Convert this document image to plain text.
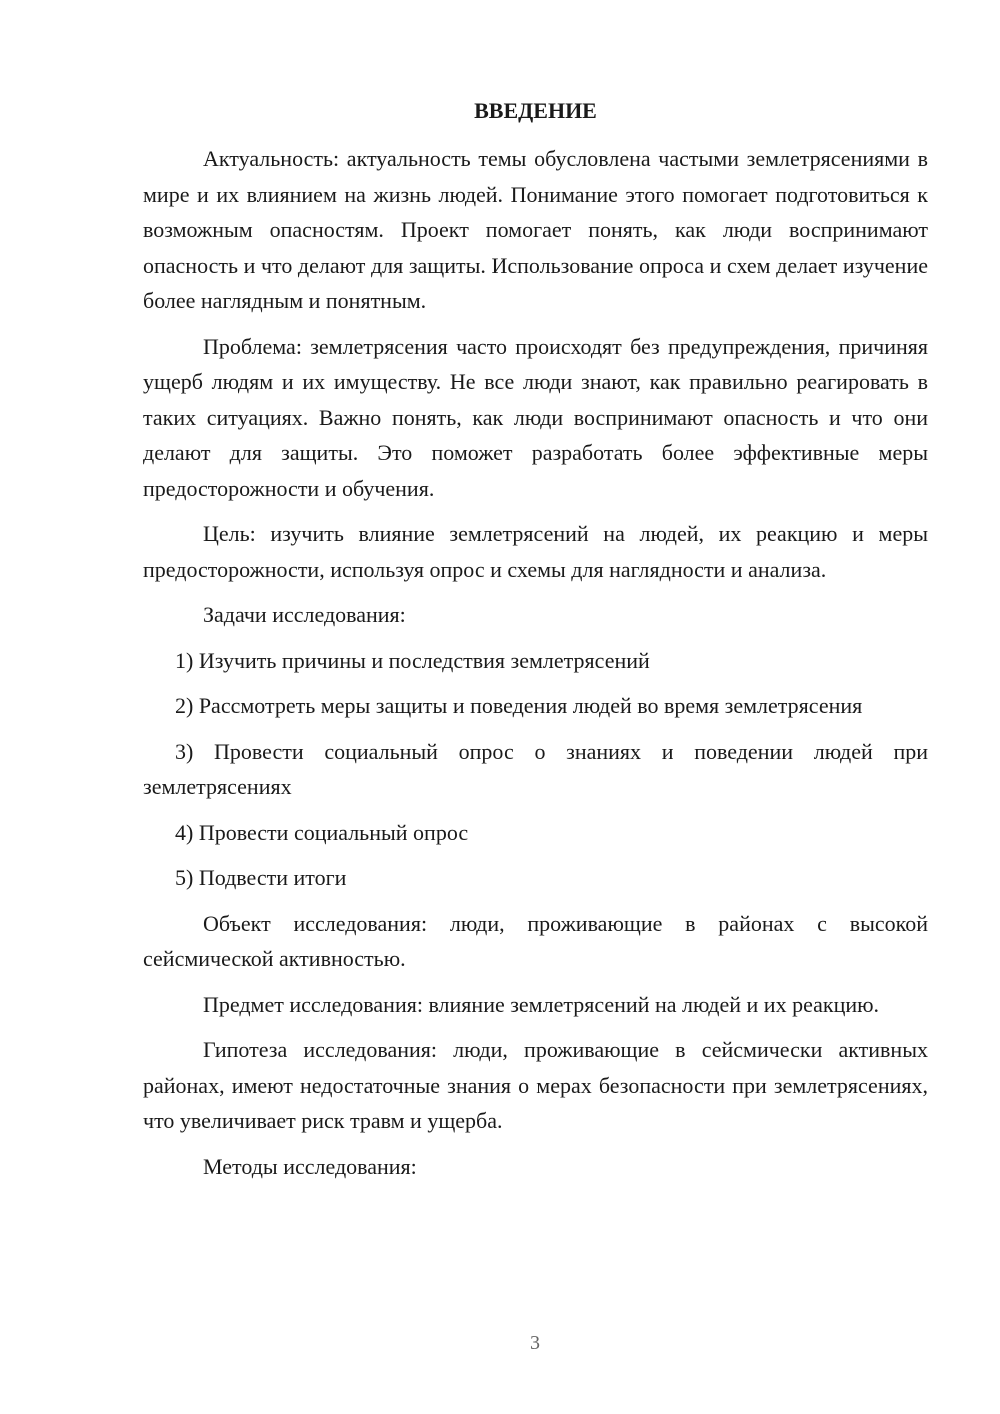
ВВЕДЕНИЕ

Актуальность: актуальность темы обусловлена частыми землетрясениями в мире и их влиянием на жизнь людей. Понимание этого помогает подготовиться к возможным опасностям. Проект помогает понять, как люди воспринимают опасность и что делают для защиты. Использование опроса и схем делает изучение более наглядным и понятным.

Проблема: землетрясения часто происходят без предупреждения, причиняя ущерб людям и их имуществу. Не все люди знают, как правильно реагировать в таких ситуациях. Важно понять, как люди воспринимают опасность и что они делают для защиты. Это поможет разработать более эффективные меры предосторожности и обучения.

Цель: изучить влияние землетрясений на людей, их реакцию и меры предосторожности, используя опрос и схемы для наглядности и анализа.

Задачи исследования:

1) Изучить причины и последствия землетрясений

2) Рассмотреть меры защиты и поведения людей во время землетрясения

3) Провести социальный опрос о знаниях и поведении людей при землетрясениях

4) Провести социальный опрос

5) Подвести итоги

Объект исследования: люди, проживающие в районах с высокой сейсмической активностью.

Предмет исследования: влияние землетрясений на людей и их реакцию.

Гипотеза исследования: люди, проживающие в сейсмически активных районах, имеют недостаточные знания о мерах безопасности при землетрясениях, что увеличивает риск травм и ущерба.

Методы исследования:

3
